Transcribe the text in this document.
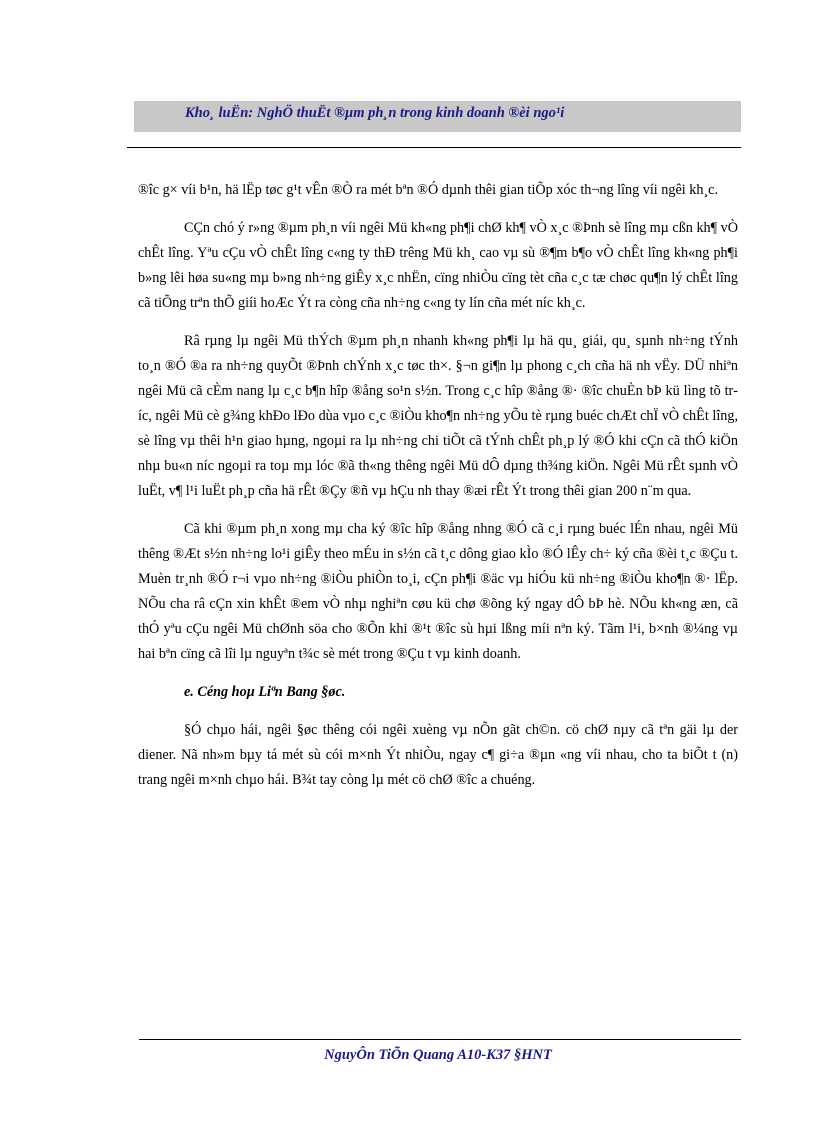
Kho¸ luËn: NghÖ thuËt ®µm ph¸n trong kinh doanh ®èi ngo¹i

®îc g× víi b¹n, hä lËp tøc g¹t vÊn ®Ò ra mét bªn ®Ó dµnh thêi gian tiÕp xóc th¬ng lîng víi ngêi kh¸c.

CÇn chó ý r»ng ®µm ph¸n víi ngêi Mü kh«ng ph¶i chØ kh¶ vÒ x¸c ®Þnh sè lîng mµ cßn kh¶ vÒ chÊt lîng. Yªu cÇu vÒ chÊt lîng c«ng ty thÐ trêng Mü kh¸ cao vµ sù ®¶m b¶o vÒ chÊt lîng kh«ng ph¶i b»ng lêi høa su«ng mµ b»ng nh÷ng giÊy x¸c nhËn, cïng nhiÒu cïng tèt cña c¸c tæ chøc qu¶n lý chÊt lîng cã tiÕng trªn thÕ giíi hoÆc Ýt ra còng cña nh÷ng c«ng ty lín cña mét níc kh¸c.

Râ rµng lµ ngêi Mü thÝch ®µm ph¸n nhanh kh«ng ph¶i lµ hä qu¸ giái, qu¸ sµnh nh÷ng tÝnh to¸n ®Ó ®a ra nh÷ng quyÕt ®Þnh chÝnh x¸c tøc th×. §¬n gi¶n lµ phong c¸ch cña hä nh vËy. DÜ nhiªn ngêi Mü cã cÈm nang lµ c¸c b¶n hîp ®ång so¹n s½n. Trong c¸c hîp ®ång ®· ®îc chuÈn bÞ kü lìng tõ tríc, ngêi Mü cè g¾ng khÐo lÐo dùa vµo c¸c ®iÒu kho¶n nh÷ng yÕu tè rµng buéc chÆt chÏ vÒ chÊt lîng, sè lîng vµ thêi h¹n giao hµng, ngoµi ra lµ nh÷ng chi tiÕt cã tÝnh chÊt ph¸p lý ®Ó khi cÇn cã thÓ kiÖn nhµ bu«n níc ngoµi ra toµ mµ lóc ®ã th«ng thêng ngêi Mü dÔ dµng th¾ng kiÖn. Ngêi Mü rÊt sµnh vÒ luËt, v¶ l¹i luËt ph¸p cña hä rÊt ®Çy ®ñ vµ hÇu nh thay ®æi rÊt Ýt trong thêi gian 200 n¨m qua.

Cã khi ®µm ph¸n xong mµ cha ký ®îc hîp ®ång nhng ®Ó cã c¸i rµng buéc lÉn nhau, ngêi Mü thêng ®Æt s½n nh÷ng lo¹i giÊy theo mÉu in s½n cã t¸c dông giao kÌo ®Ó lÊy ch÷ ký cña ®èi t¸c ®Çu t. Muèn tr¸nh ®Ó r¬i vµo nh÷ng ®iÒu phiÒn to¸i, cÇn ph¶i ®äc vµ hiÓu kü nh÷ng ®iÒu kho¶n ®· lËp. NÕu cha râ cÇn xin khÊt ®em vÒ nhµ nghiªn cøu kü chø ®õng ký ngay dÔ bÞ hè. NÕu kh«ng æn, cã thÓ yªu cÇu ngêi Mü chØnh söa cho ®Õn khi ®¹t ®îc sù hµi lßng míi nªn ký. Tãm l¹i, b×nh ®¼ng vµ hai bªn cïng cã lîi lµ nguyªn t¾c sè mét trong ®Çu t vµ kinh doanh.

e. Céng hoµ Liªn Bang §øc.

§Ó chµo hái, ngêi §øc thêng cói ngêi xuèng vµ nÕn gãt ch©n. cö chØ nµy cã tªn gäi lµ der diener. Nã nh»m bµy tá mét sù cói m×nh Ýt nhiÒu, ngay c¶ gi÷a ®µn «ng víi nhau, cho ta biÕt t (n) trang ngêi m×nh chµo hái. B¾t tay còng lµ mét cö chØ ®îc a chuéng.

NguyÔn TiÕn Quang A10-K37 §HNT
